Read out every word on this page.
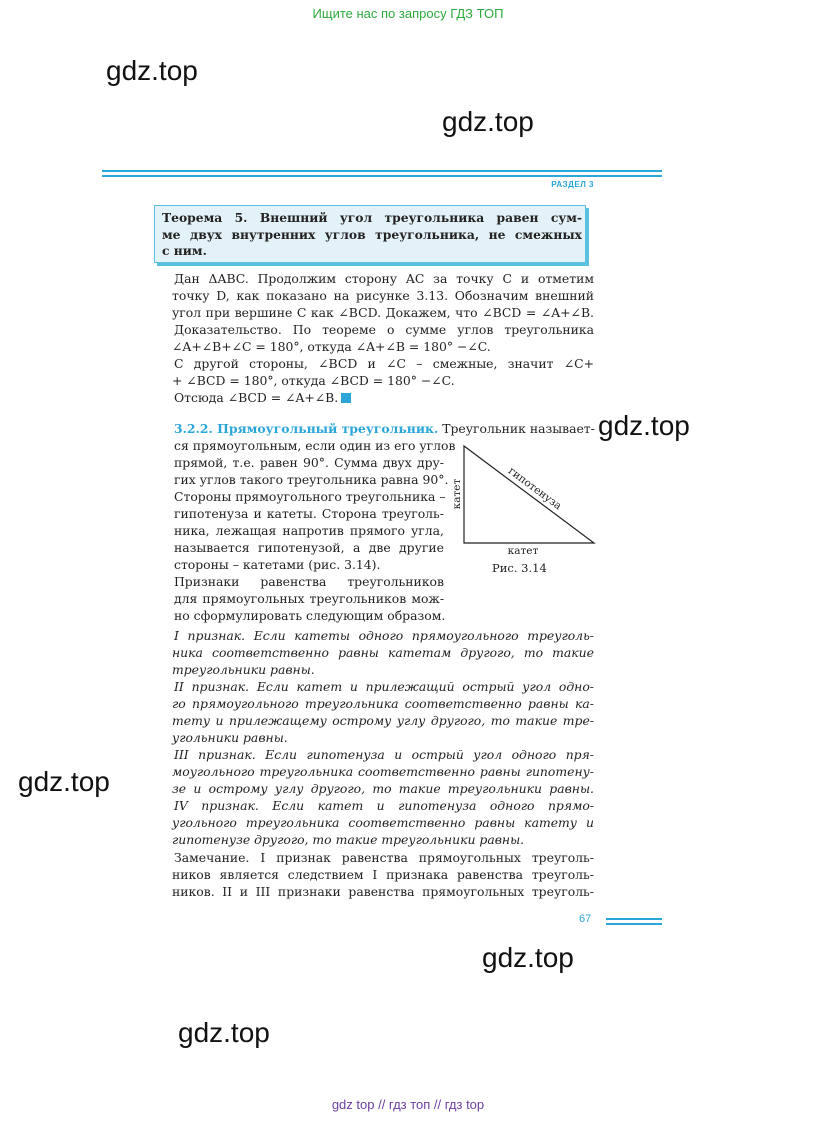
Ищите нас по запросу ГДЗ ТОП
gdz.top
gdz.top
gdz.top
gdz.top
gdz.top
gdz.top
РАЗДЕЛ 3
Теорема 5. Внешний угол треугольника равен сум-
ме двух внутренних углов треугольника, не смежных
с ним.
Дан ΔABC. Продолжим сторону AC за точку C и отметим
точку D, как показано на рисунке 3.13. Обозначим внешний
угол при вершине C как ∠BCD. Докажем, что ∠BCD = ∠A+∠B.
Доказательство. По теореме о сумме углов треугольника
∠A+∠B+∠C = 180°, откуда ∠A+∠B = 180° −∠C.
С другой стороны, ∠BCD и ∠C – смежные, значит ∠C+
+ ∠BCD = 180°, откуда ∠BCD = 180° −∠C.
Отсюда ∠BCD = ∠A+∠B.
3.2.2. Прямоугольный треугольник. Треугольник называет-
ся прямоугольным, если один из его углов
прямой, т.е. равен 90°. Сумма двух дру-
гих углов такого треугольника равна 90°.
Стороны прямоугольного треугольника –
гипотенуза и катеты. Сторона треуголь-
ника, лежащая напротив прямого угла,
называется гипотенузой, а две другие
стороны – катетами (рис. 3.14).
Признаки равенства треугольников
для прямоугольных треугольников мож-
но сформулировать следующим образом.
катет
катет
гипотенуза
Рис. 3.14
I признак. Если катеты одного прямоугольного треуголь-
ника соответственно равны катетам другого, то такие
треугольники равны.
II признак. Если катет и прилежащий острый угол одно-
го прямоугольного треугольника соответственно равны ка-
тету и прилежащему острому углу другого, то такие тре-
угольники равны.
III признак. Если гипотенуза и острый угол одного пря-
моугольного треугольника соответственно равны гипотену-
зе и острому углу другого, то такие треугольники равны.
IV признак. Если катет и гипотенуза одного прямо-
угольного треугольника соответственно равны катету и
гипотенузе другого, то такие треугольники равны.
Замечание. I признак равенства прямоугольных треуголь-
ников является следствием I признака равенства треуголь-
ников. II и III признаки равенства прямоугольных треуголь-
67
gdz top // гдз топ // гдз top
